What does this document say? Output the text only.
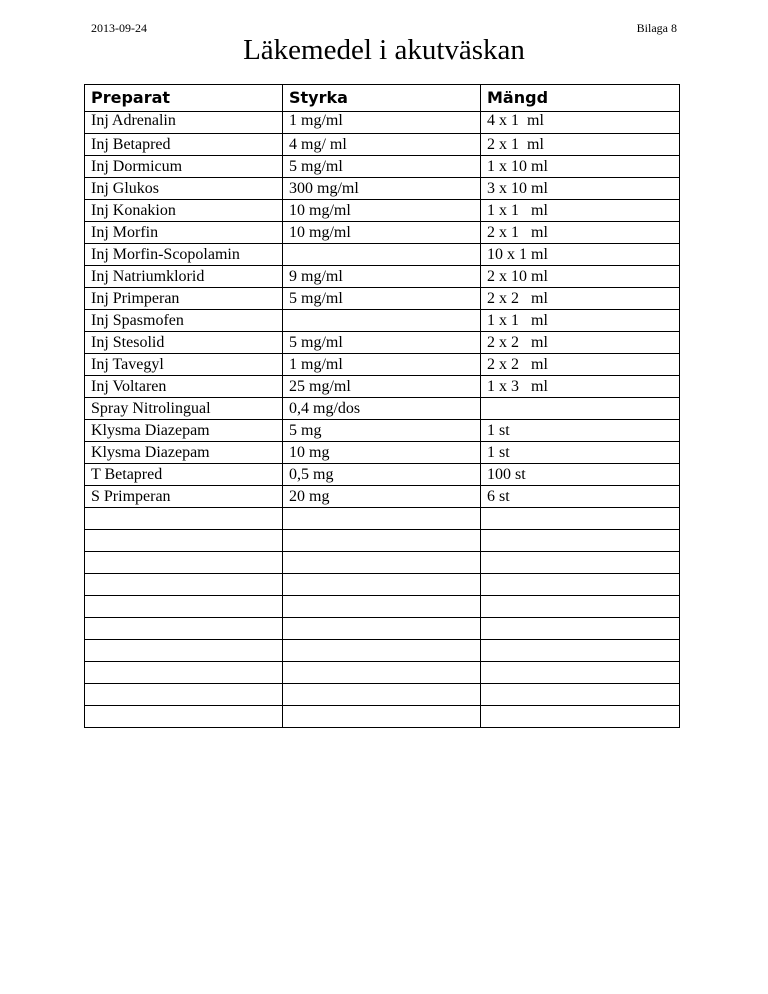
2013-09-24	Bilaga 8
Läkemedel i akutväskan
Preparat	Styrka	Mängd
Inj Adrenalin	1 mg/ml	4 x 1  ml
Inj Betapred	4 mg/ ml	2 x 1  ml
Inj Dormicum	5 mg/ml	1 x 10 ml
Inj Glukos	300 mg/ml	3 x 10 ml
Inj Konakion	10 mg/ml	1 x 1   ml
Inj Morfin	10 mg/ml	2 x 1   ml
Inj Morfin-Scopolamin		10 x 1 ml
Inj Natriumklorid	9 mg/ml	2 x 10 ml
Inj Primperan	5 mg/ml	2 x 2   ml
Inj Spasmofen		1 x 1   ml
Inj Stesolid	5 mg/ml	2 x 2   ml
Inj Tavegyl	1 mg/ml	2 x 2   ml
Inj Voltaren	25 mg/ml	1 x 3   ml
Spray Nitrolingual	0,4 mg/dos	
Klysma Diazepam	5 mg	1 st
Klysma Diazepam	10 mg	1 st
T Betapred	0,5 mg	100 st
S Primperan	20 mg	6 st
